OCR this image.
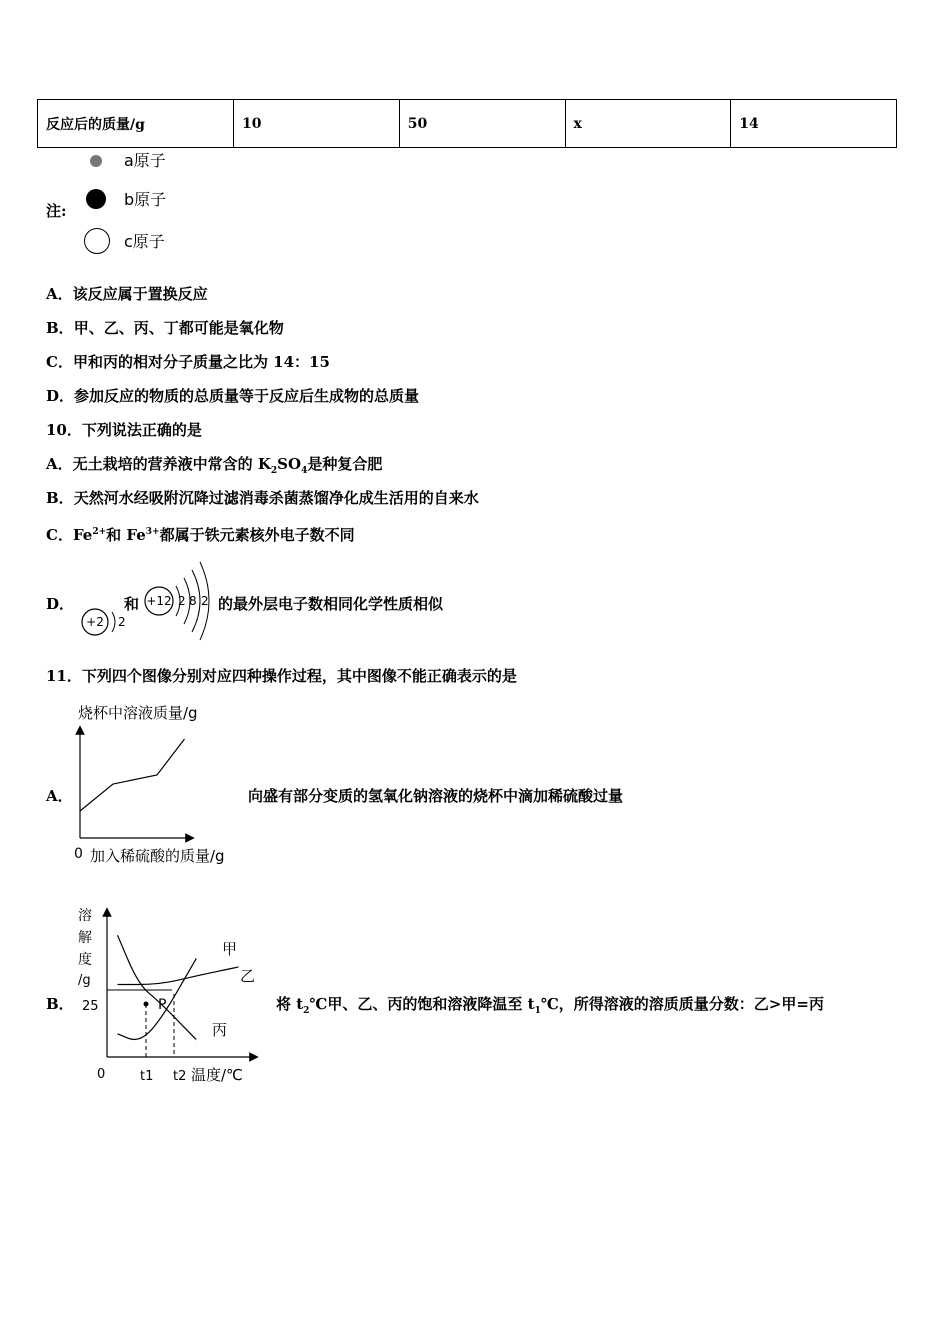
反应后的质量/g	10	50	x	14
注:
a原子
b原子
c原子
A．该反应属于置换反应
B．甲、乙、丙、丁都可能是氧化物
C．甲和丙的相对分子质量之比为 14：15
D．参加反应的物质的总质量等于反应后生成物的总质量
10．下列说法正确的是
A．无土栽培的营养液中常含的 $K_2SO_4$是种复合肥
B．天然河水经吸附沉降过滤消毒杀菌蒸馏净化成生活用的自来水
C．$Fe^{2+}$和 $Fe^{3+}$都属于铁元素核外电子数不同
D．
+2 2
和 +12 2 8 2 的最外层电子数相同化学性质相似
11．下列四个图像分别对应四种操作过程，其中图像不能正确表示的是
烧杯中溶液质量/g
0 加入稀硫酸的质量/g
A．	向盛有部分变质的氢氧化钠溶液的烧杯中滴加稀硫酸过量
溶
解
度
/g
25
0	t1 t2 温度/℃
P
甲
乙
丙
B．	将 $t_2℃$甲、乙、丙的饱和溶液降温至 $t_1℃$，所得溶液的溶质质量分数：乙>甲=丙
